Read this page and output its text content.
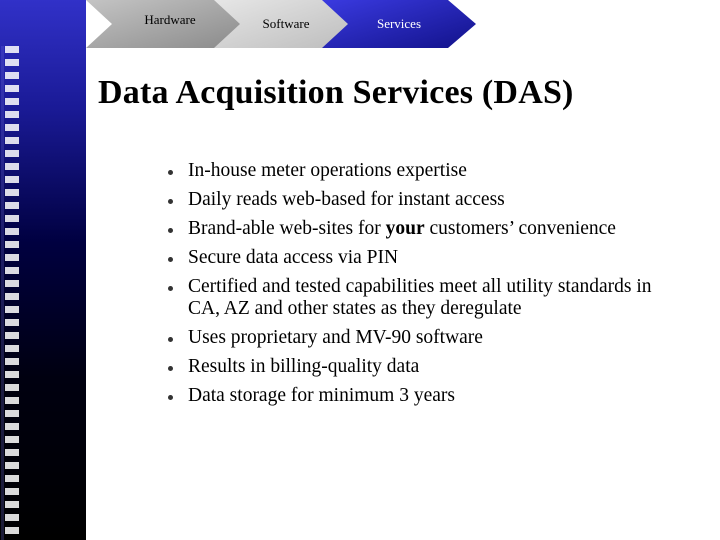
Hardware	Software	Services
Data Acquisition Services (DAS)
In-house meter operations expertise
Daily reads web-based for instant access
Brand-able web-sites for your customers’ convenience
Secure data access via PIN
Certified and tested capabilities meet all utility standards in CA, AZ and other states as they deregulate
Uses proprietary and MV-90 software
Results in billing-quality data
Data storage for minimum 3 years
